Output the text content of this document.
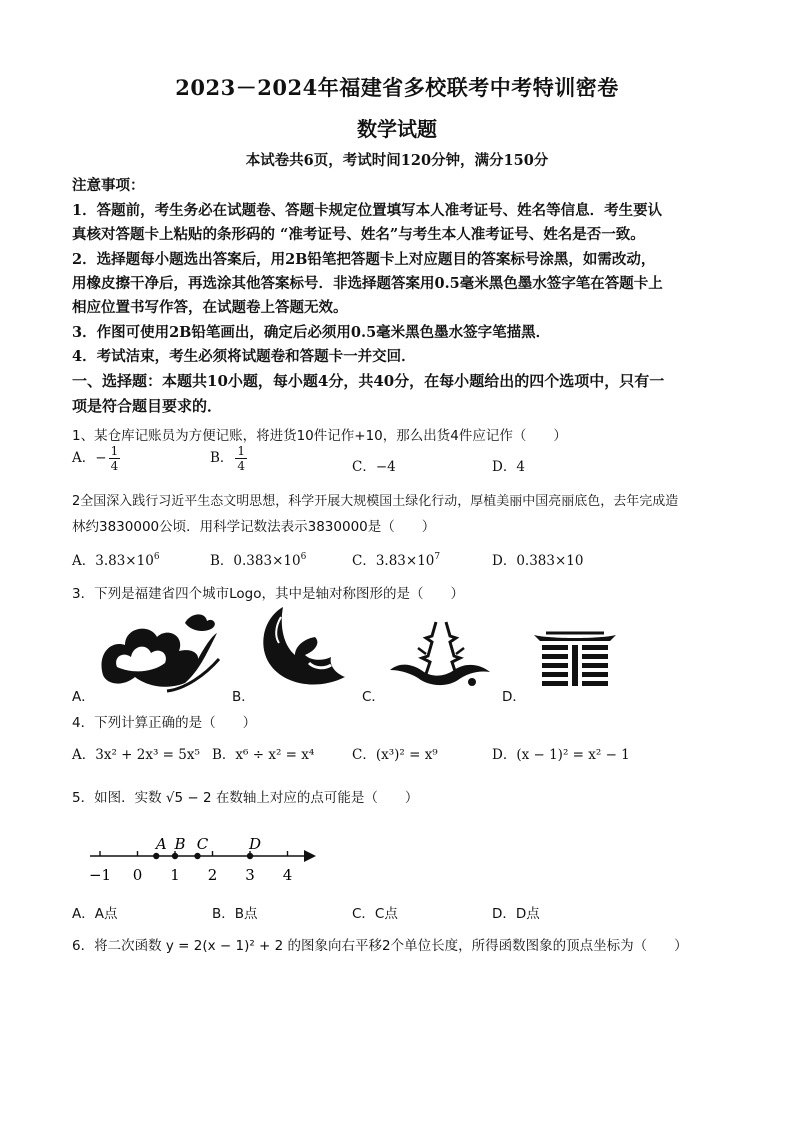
2023－2024年福建省多校联考中考特训密卷
数学试题
本试卷共6页，考试时间120分钟，满分150分
注意事项：
1．答题前，考生务必在试题卷、答题卡规定位置填写本人准考证号、姓名等信息．考生要认
真核对答题卡上粘贴的条形码的 “准考证号、姓名”与考生本人准考证号、姓名是否一致。
2．选择题每小题选出答案后，用2B铅笔把答题卡上对应题目的答案标号涂黑，如需改动，
用橡皮擦干净后，再选涂其他答案标号．非选择题答案用0.5毫米黑色墨水签字笔在答题卡上
相应位置书写作答，在试题卷上答题无效。
3．作图可使用2B铅笔画出，确定后必须用0.5毫米黑色墨水签字笔描黑．
4．考试洁束，考生必须将试题卷和答题卡一并交回．
一、选择题：本题共10小题，每小题4分，共40分，在每小题给出的四个选项中，只有一
项是符合题目要求的．
1、某仓库记账员为方便记账，将进货10件记作+10，那么出货4件应记作（　　）
A．− $\frac{1}{4}$	B． $\frac{1}{4}$	C．−4	D．4
2全国深入践行习近平生态文明思想，科学开展大规模国土绿化行动，厚植美丽中国亮丽底色，去年完成造
林约3830000公顷．用科学记数法表示3830000是（　　）
A．$3.83\times 10^6$	B．$0.383\times 10^6$	C．$3.83\times 10^7$	D．0.383×10
3．下列是福建省四个城市Logo，其中是轴对称图形的是（　　）
A．	B．	C．	D．
4．下列计算正确的是（　　）
A．3x² + 2x³ = 5x⁵ B．x⁶ ÷ x² = x⁴	C．(x³)² = x⁹	D．(x − 1)² = x² − 1
5．如图．实数 √5 − 2 在数轴上对应的点可能是（　　）
−1 0 1 2 3 4
A B C	D
A．A点	B．B点	C．C点	D．D点
6．将二次函数 y = 2(x − 1)² + 2 的图象向右平移2个单位长度，所得函数图象的顶点坐标为（　　）
